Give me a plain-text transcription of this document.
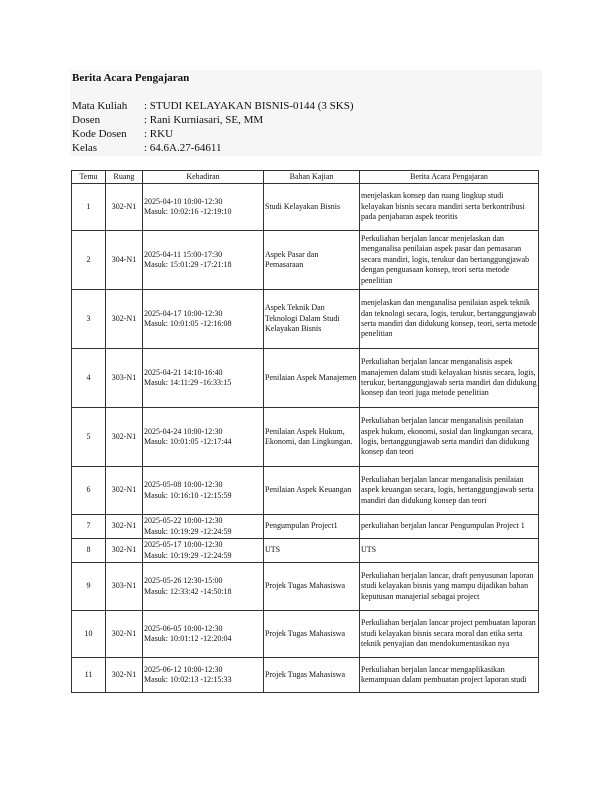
Berita Acara Pengajaran
Mata Kuliah : STUDI KELAYAKAN BISNIS-0144 (3 SKS)
Dosen	: Rani Kurniasari, SE, MM
Kode Dosen : RKU
Kelas	: 64.6A.27-64611
Temu	Ruang	Kehadiran	Bahan Kajian	Berita Acara Pengajaran
1	302-N1	2025-04-10 10:00-12:30
Masuk: 10:02:16 -12:19:10	Studi Kelayakan Bisnis	menjelaskan konsep dan ruang lingkup studi kelayakan bisnis secara mandiri serta berkontribusi pada penjabaran aspek teoritis
2	304-N1	2025-04-11 15:00-17:30
Masuk: 15:01:29 -17:21:18	Aspek Pasar dan Pemasaraan	Perkuliahan berjalan lancar menjelaskan dan menganalisa penilaian aspek pasar dan pemasaran secara mandiri, logis, terukur dan bertanggungjawab dengan penguasaan konsep, teori serta metode penelitian
3	302-N1	2025-04-17 10:00-12:30
Masuk: 10:01:05 -12:16:08	Aspek Teknik Dan Teknologi Dalam Studi Kelayakan Bisnis	menjelaskan dan menganalisa penilaian aspek teknik dan teknologi secara, logis, terukur, bertanggungjawab serta mandiri dan didukung konsep, teori, serta metode penelitian
4	303-N1	2025-04-21 14:10-16:40
Masuk: 14:11:29 -16:33:15	Penilaian Aspek Manajemen	Perkuliahan berjalan lancar menganalisis aspek manajemen dalam studi kelayakan bisnis secara, logis, terukur, bertanggungjawab serta mandiri dan didukung konsep dan teori juga metode penelitian
5	302-N1	2025-04-24 10:00-12:30
Masuk: 10:01:05 -12:17:44	Penilaian Aspek Hukum, Ekonomi, dan Lingkungan.	Perkuliahan berjalan lancar menganalisis penilaian aspek hukum, ekonomi, sosial dan lingkungan secara, logis, bertanggungjawab serta mandiri dan didukung konsep dan teori
6	302-N1	2025-05-08 10:00-12:30
Masuk: 10:16:10 -12:15:59	Penilaian Aspek Keuangan	Perkuliahan berjalan lancar menganalisis penilaian aspek keuangan secara, logis, bertanggungjawab serta mandiri dan didukung konsep dan teori
7	302-N1	2025-05-22 10:00-12:30
Masuk: 10:19:29 -12:24:59	Pengumpulan Project1	perkuliahan berjalan lancar Pengumpulan Project 1
8	302-N1	2025-05-17 10:00-12:30
Masuk: 10:19:29 -12:24:59	UTS	UTS
9	303-N1	2025-05-26 12:30-15:00
Masuk: 12:33:42 -14:50:18	Projek Tugas Mahasiswa	Perkuliahan berjalan lancar, draft penyusunan laporan studi kelayakan bisnis yang mampu dijadikan bahan keputusan manajerial sebagai project
10	302-N1	2025-06-05 10:00-12:30
Masuk: 10:01:12 -12:20:04	Projek Tugas Mahasiswa	Perkuliahan berjalan lancar project pembuatan laporan studi kelayakan bisnis secara moral dan etika serta teknik penyajian dan mendokumentasikan nya
11	302-N1	2025-06-12 10:00-12:30
Masuk: 10:02:13 -12:15:33	Projek Tugas Mahasiswa	Perkuliahan berjalan lancar mengaplikasikan kemampuan dalam pembuatan project laporan studi
